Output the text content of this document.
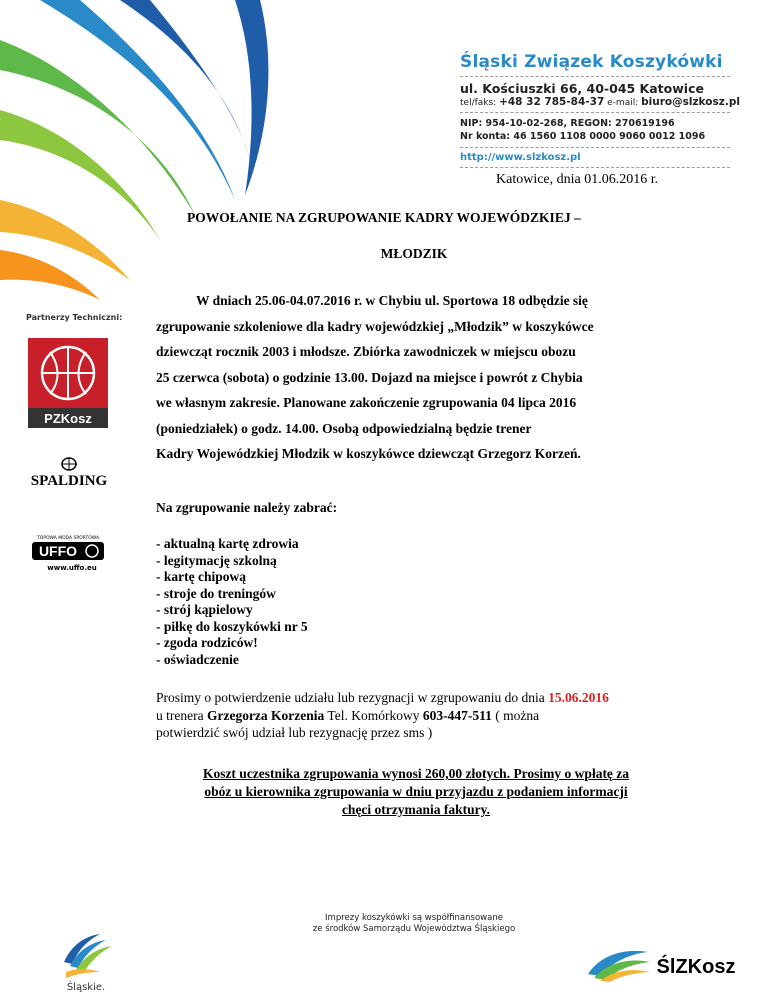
Śląski Związek Koszykówki
ul. Kościuszki 66, 40-045 Katowice
tel/faks: +48 32 785-84-37 e-mail: biuro@slzkosz.pl
NIP: 954-10-02-268, REGON: 270619196
Nr konta: 46 1560 1108 0000 9060 0012 1096
http://www.slzkosz.pl
Katowice, dnia 01.06.2016 r.
POWOŁANIE NA ZGRUPOWANIE KADRY WOJEWÓDZKIEJ –
MŁODZIK
Partnerzy Techniczni:
PZKosz
SPALDING
TOPOWA MODA SPORTOWA
UFFO
www.uffo.eu
W dniach 25.06-04.07.2016 r. w Chybiu ul. Sportowa 18 odbędzie się
zgrupowanie szkoleniowe dla kadry wojewódzkiej „Młodzik” w koszykówce
dziewcząt rocznik 2003 i młodsze. Zbiórka zawodniczek w miejscu obozu
25 czerwca (sobota) o godzinie 13.00. Dojazd na miejsce i powrót z Chybia
we własnym zakresie. Planowane zakończenie zgrupowania 04 lipca 2016
(poniedziałek) o godz. 14.00. Osobą odpowiedzialną będzie trener
Kadry Wojewódzkiej Młodzik w koszykówce dziewcząt Grzegorz Korzeń.
Na zgrupowanie należy zabrać:
- aktualną kartę zdrowia
- legitymację szkolną
- kartę chipową
- stroje do treningów
- strój kąpielowy
- piłkę do koszykówki nr 5
- zgoda rodziców!
- oświadczenie
Prosimy o potwierdzenie udziału lub rezygnacji w zgrupowaniu do dnia 15.06.2016
u trenera Grzegorza Korzenia Tel. Komórkowy 603-447-511 ( można
potwierdzić swój udział lub rezygnację przez sms )
Koszt uczestnika zgrupowania wynosi 260,00 złotych. Prosimy o wpłatę za
obóz u kierownika zgrupowania w dniu przyjazdu z podaniem informacji
chęci otrzymania faktury.
Imprezy koszykówki są współfinansowane
ze środków Samorządu Województwa Śląskiego
Śląskie.
ŚlZKosz
